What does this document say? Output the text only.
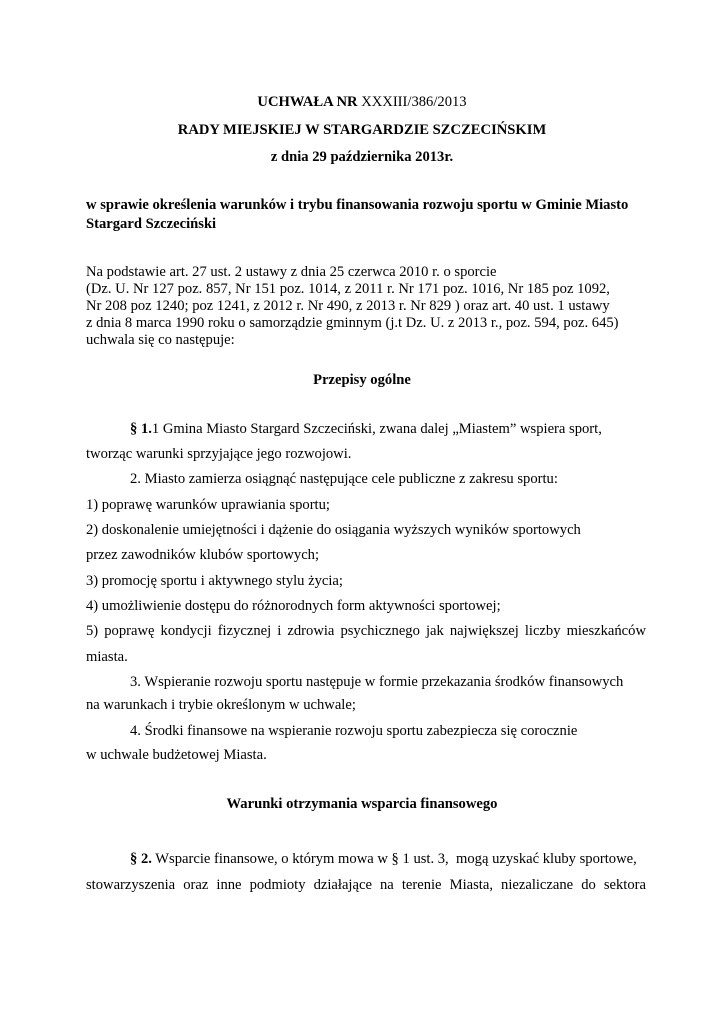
UCHWAŁA NR XXXIII/386/2013
RADY MIEJSKIEJ W STARGARDZIE SZCZECIŃSKIM
z dnia 29 października 2013r.
w sprawie określenia warunków i trybu finansowania rozwoju sportu w Gminie Miasto
Stargard Szczeciński
Na podstawie art. 27 ust. 2 ustawy z dnia 25 czerwca 2010 r. o sporcie
(Dz. U. Nr 127 poz. 857, Nr 151 poz. 1014, z 2011 r. Nr 171 poz. 1016, Nr 185 poz 1092,
Nr 208 poz 1240; poz 1241, z 2012 r. Nr 490, z 2013 r. Nr 829 ) oraz art. 40 ust. 1 ustawy
z dnia 8 marca 1990 roku o samorządzie gminnym (j.t Dz. U. z 2013 r., poz. 594, poz. 645)
uchwala się co następuje:
Przepisy ogólne
§ 1.1 Gmina Miasto Stargard Szczeciński, zwana dalej „Miastem” wspiera sport,
tworząc warunki sprzyjające jego rozwojowi.
2. Miasto zamierza osiągnąć następujące cele publiczne z zakresu sportu:
1) poprawę warunków uprawiania sportu;
2) doskonalenie umiejętności i dążenie do osiągania wyższych wyników sportowych
przez zawodników klubów sportowych;
3) promocję sportu i aktywnego stylu życia;
4) umożliwienie dostępu do różnorodnych form aktywności sportowej;
5) poprawę kondycji fizycznej i zdrowia psychicznego jak największej liczby mieszkańców
miasta.
3. Wspieranie rozwoju sportu następuje w formie przekazania środków finansowych
na warunkach i trybie określonym w uchwale;
4. Środki finansowe na wspieranie rozwoju sportu zabezpiecza się corocznie
w uchwale budżetowej Miasta.
Warunki otrzymania wsparcia finansowego
§ 2. Wsparcie finansowe, o którym mowa w § 1 ust. 3,  mogą uzyskać kluby sportowe,
stowarzyszenia oraz inne podmioty działające na terenie Miasta, niezaliczane do sektora
